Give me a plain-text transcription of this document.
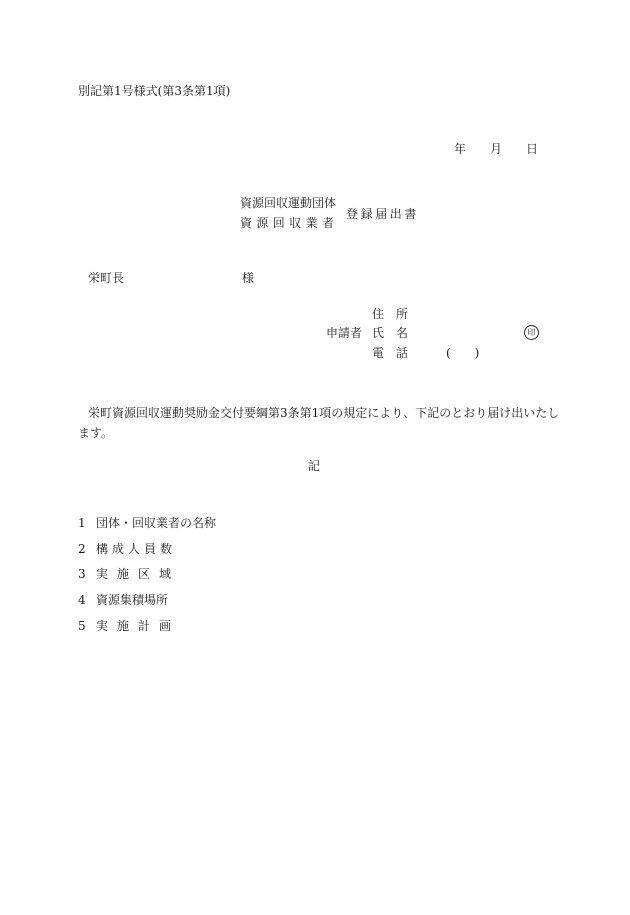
別記第1号様式(第3条第1項)
年 月 日
資源回収運動団体
資源回収業者
登録届出書
栄町長	様
申請者
住 所
氏 名
電 話
印
(　　)
栄町資源回収運動奨励金交付要綱第3条第1項の規定により、下記のとおり届け出いたします。
記
1 団体・回収業者の名称
2 構成人員数
3 実施区域
4 資源集積場所
5 実施計画
